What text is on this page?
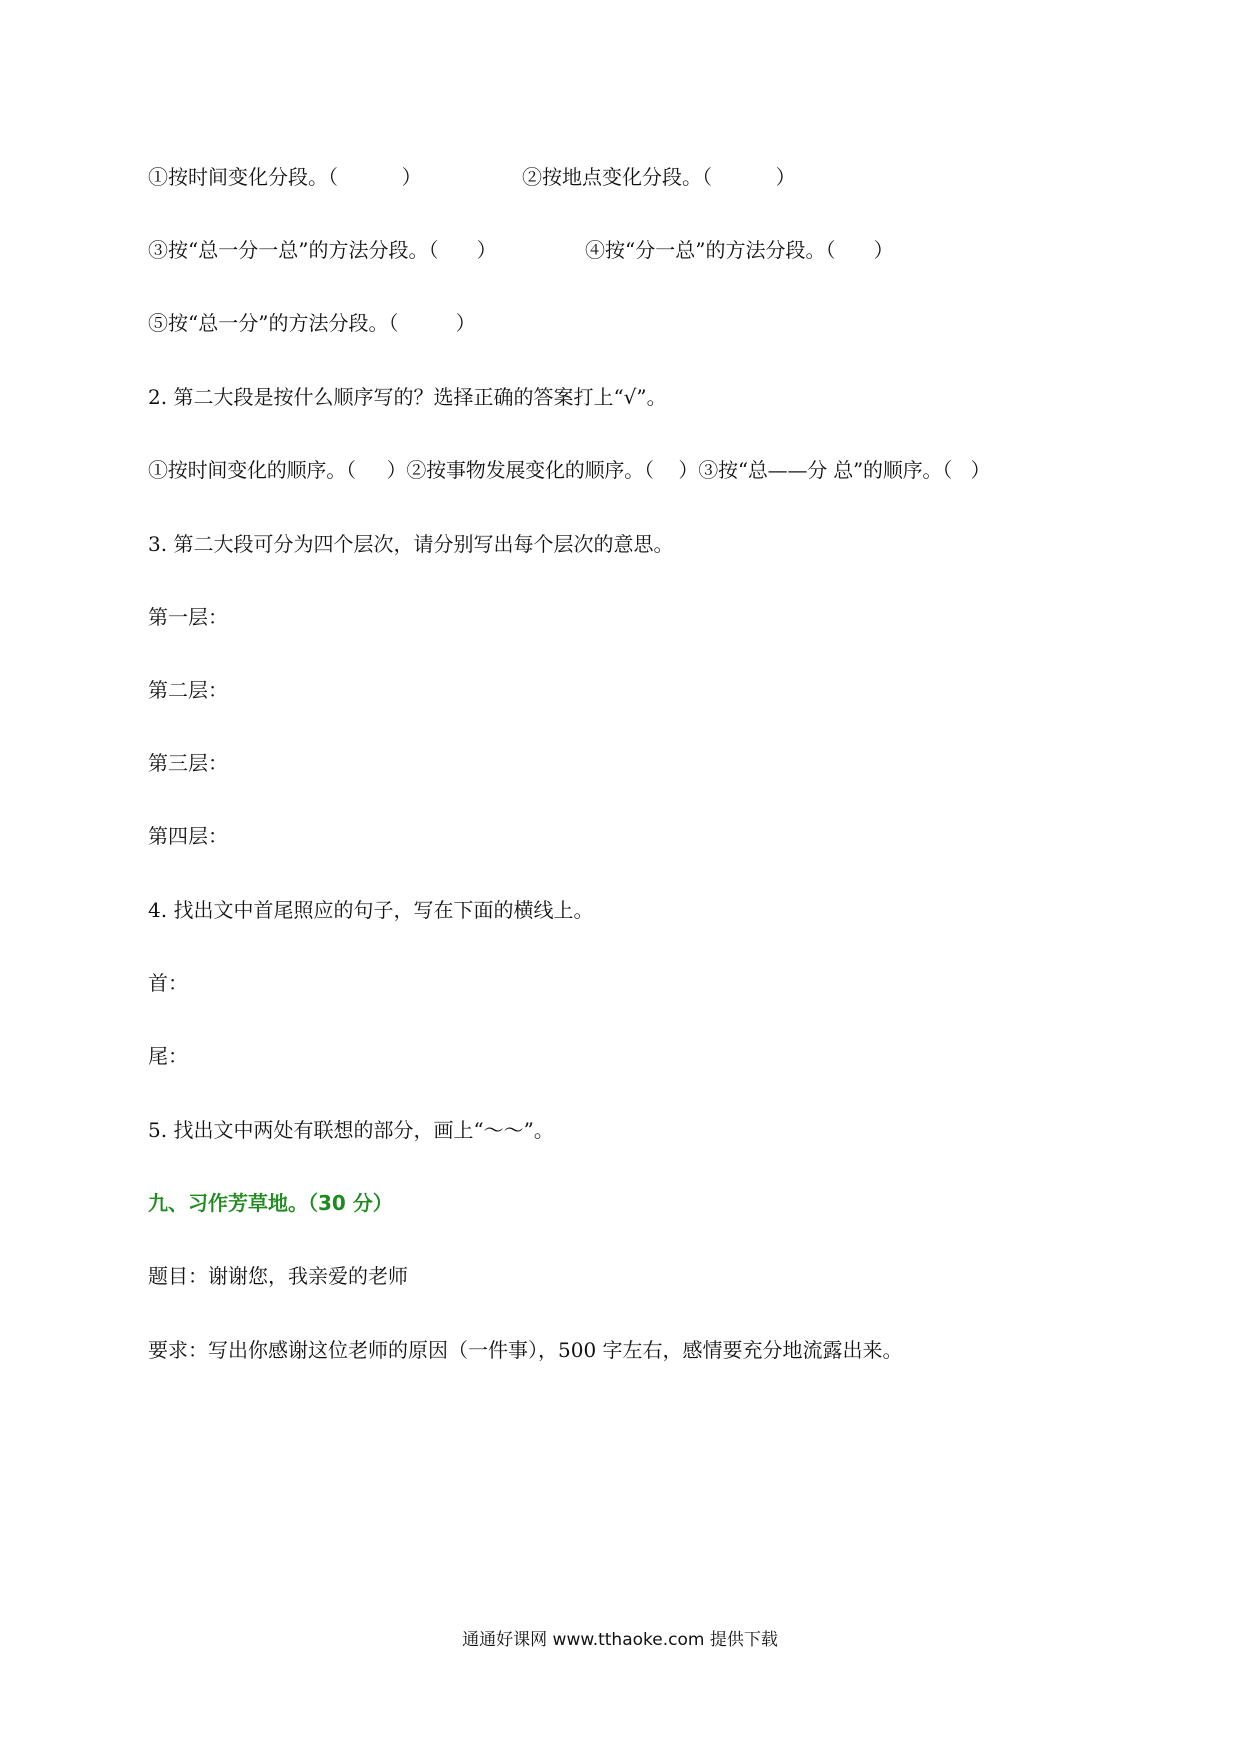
①按时间变化分段。（          ）	②按地点变化分段。（          ）
③按“总一分一总”的方法分段。（      ）	④按“分一总”的方法分段。（      ）
⑤按“总一分”的方法分段。（         ）
2. 第二大段是按什么顺序写的？选择正确的答案打上“√”。
①按时间变化的顺序。（     ）②按事物发展变化的顺序。（    ）③按“总——分 总”的顺序。（   ）
3. 第二大段可分为四个层次，请分别写出每个层次的意思。
第一层：
第二层：
第三层：
第四层：
4. 找出文中首尾照应的句子，写在下面的横线上。
首：
尾：
5. 找出文中两处有联想的部分，画上“～～”。
九、习作芳草地。（30 分）
题目：谢谢您，我亲爱的老师
要求：写出你感谢这位老师的原因（一件事），500 字左右，感情要充分地流露出来。
通通好课网 www.tthaoke.com 提供下载
